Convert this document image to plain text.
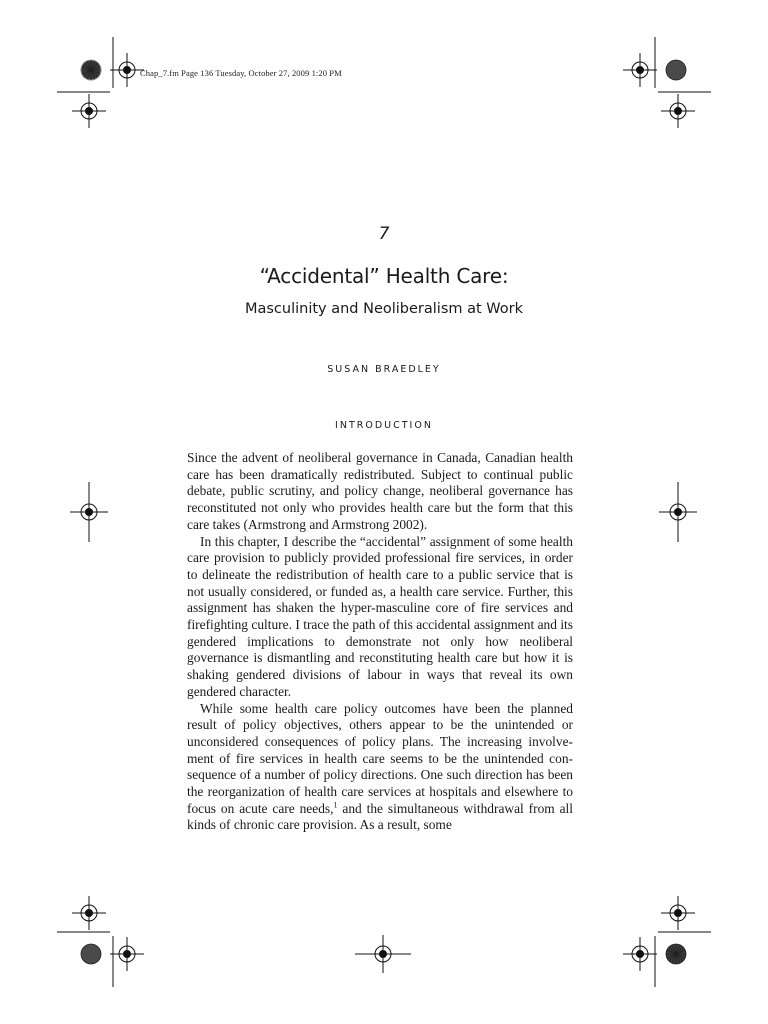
Chap_7.fm Page 136 Tuesday, October 27, 2009 1:20 PM
7
“Accidental” Health Care:
Masculinity and Neoliberalism at Work
SUSAN BRAEDLEY
INTRODUCTION

Since the advent of neoliberal governance in Canada, Canadian health care has been dramatically redistributed. Subject to continual public debate, public scrutiny, and policy change, neoliberal governance has reconstituted not only who provides health care but the form that this care takes (Armstrong and Armstrong 2002).

In this chapter, I describe the “accidental” assignment of some health care provision to publicly provided professional fire services, in order to delineate the redistribution of health care to a public service that is not usually considered, or funded as, a health care service. Further, this assignment has shaken the hyper-masculine core of fire services and firefighting culture. I trace the path of this accidental assignment and its gendered implications to demonstrate not only how neoliberal governance is dismantling and reconstituting health care but how it is shaking gendered divisions of labour in ways that reveal its own gendered character.

While some health care policy outcomes have been the planned result of policy objectives, others appear to be the unintended or unconsidered consequences of policy plans. The increasing involvement of fire services in health care seems to be the unintended consequence of a number of policy directions. One such direction has been the reorganization of health care services at hospitals and elsewhere to focus on acute care needs,$^1$ and the simultaneous withdrawal from all kinds of chronic care provision. As a result, some
